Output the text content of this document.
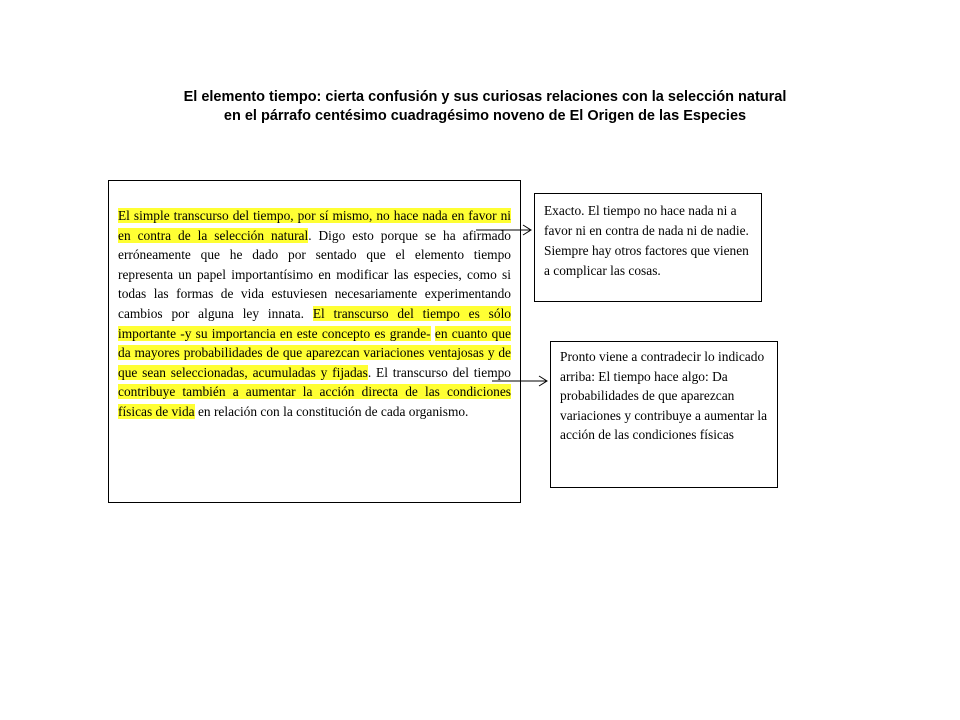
El elemento tiempo: cierta confusión y sus curiosas relaciones con la selección natural
en el párrafo centésimo cuadragésimo noveno de El Origen de las Especies

El simple transcurso del tiempo, por sí mismo, no hace nada en favor ni en contra de la selección natural. Digo esto porque se ha afirmado erróneamente que he dado por sentado que el elemento tiempo representa un papel importantísimo en modificar las especies, como si todas las formas de vida estuviesen necesariamente experimentando cambios por alguna ley innata. El transcurso del tiempo es sólo importante -y su importancia en este concepto es grande- en cuanto que da mayores probabilidades de que aparezcan variaciones ventajosas y de que sean seleccionadas, acumuladas y fijadas. El transcurso del tiempo contribuye también a aumentar la acción directa de las condiciones físicas de vida en relación con la constitución de cada organismo.

Exacto. El tiempo no hace nada ni a favor ni en contra de nada ni de nadie. Siempre hay otros factores que vienen a complicar las cosas.
Pronto viene a contradecir lo indicado arriba: El tiempo hace algo: Da probabilidades de que aparezcan variaciones y contribuye a aumentar la acción de las condiciones físicas
